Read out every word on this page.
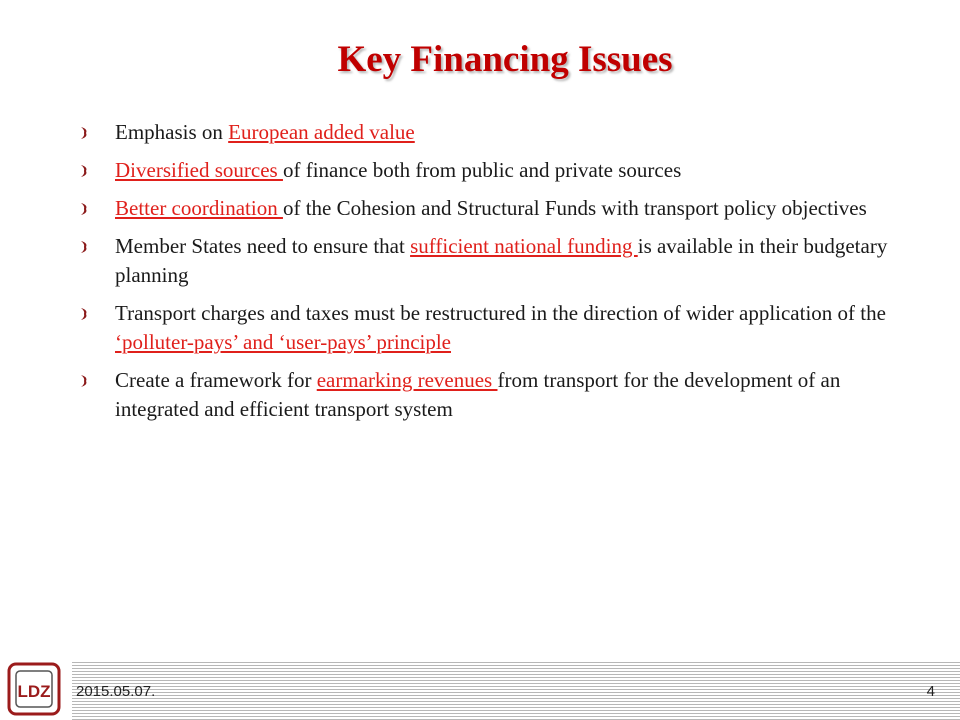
Key Financing Issues
Emphasis on European added value
Diversified sources of finance both from public and private sources
Better coordination of the Cohesion and Structural Funds with transport policy objectives
Member States need to ensure that sufficient national funding is available in their budgetary planning
Transport charges and taxes must be restructured in the direction of wider application of the ‘polluter-pays’ and ‘user-pays’ principle
Create a framework for earmarking revenues from transport for the development of an integrated and efficient transport system
LDZ 2015.05.07.	4
